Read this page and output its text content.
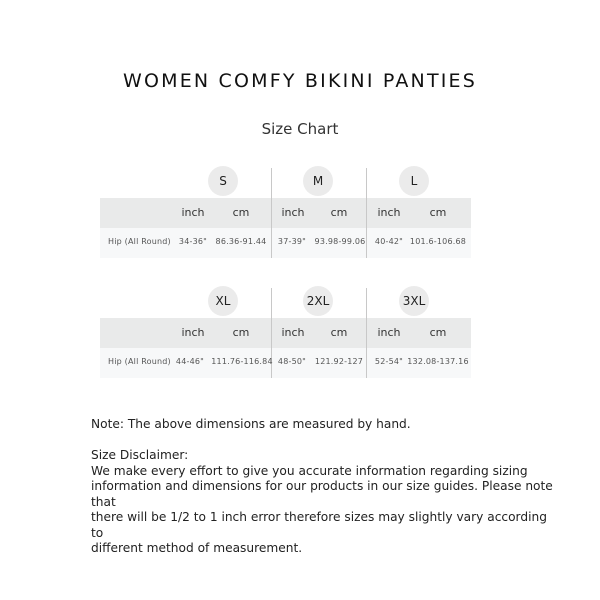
WOMEN COMFY BIKINI PANTIES
Size Chart
S	M	L
inch	cm	inch cm	inch	cm
Hip (All Round) 34-36" 86.36-91.44 37-39" 93.98-99.06 40-42" 101.6-106.68
XL	2XL	3XL
inch	cm	inch cm	inch	cm
Hip (All Round) 44-46" 111.76-116.84 48-50" 121.92-127 52-54" 132.08-137.16

Note: The above dimensions are measured by hand.

Size Disclaimer:

We make every effort to give you accurate information regarding sizing

information and dimensions for our products in our size guides. Please note that

there will be 1/2 to 1 inch error therefore sizes may slightly vary according to

different method of measurement.
